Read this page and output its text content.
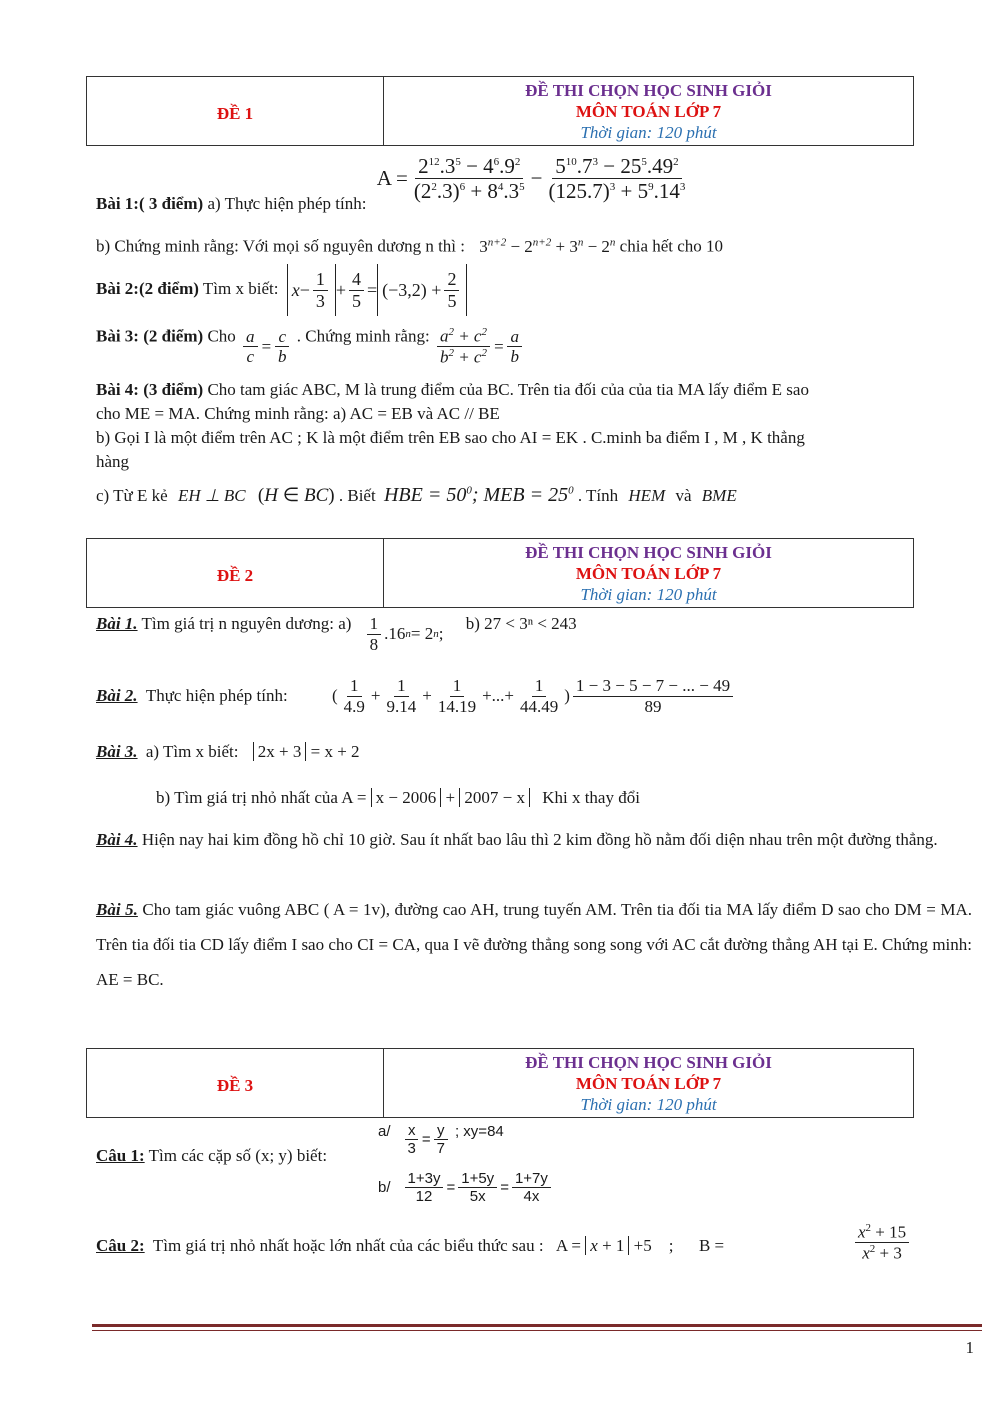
ĐỀ 1
ĐỀ THI CHỌN HỌC SINH GIỎI
MÔN TOÁN LỚP 7
Thời gian: 120 phút
Bài 1:( 3 điểm) a) Thực hiện phép tính: $A = \frac{2^{12}.3^5 - 4^6.9^2}{(2^2.3)^6 + 8^4.3^5} - \frac{5^{10}.7^3 - 25^5.49^2}{(125.7)^3 + 5^9.14^3}$
b) Chứng minh rằng: Với mọi số nguyên dương n thì : $3^{n+2} - 2^{n+2} + 3^n - 2^n$ chia hết cho 10
Bài 2:(2 điểm) Tìm x biết: $x - \frac{1}{3} + \frac{4}{5} = (-3,2) + \frac{2}{5}$
Bài 3: (2 điểm) Cho $\frac{a}{c} = \frac{c}{b}$ . Chứng minh rằng: $\frac{a^2 + c^2}{b^2 + c^2} = \frac{a}{b}$
Bài 4: (3 điểm) Cho tam giác ABC, M là trung điểm của BC. Trên tia đối của của tia MA lấy điểm E sao
cho ME = MA. Chứng minh rằng: a) AC = EB và AC // BE
b) Gọi I là một điểm trên AC ; K là một điểm trên EB sao cho AI = EK . C.minh ba điểm I , M , K thẳng
hàng
c) Từ E kẻ EH ⊥ BC (H ∈ BC) . Biết HBE = $50^0$; MEB = $25^0$ . Tính HEM và BME
ĐỀ 2
ĐỀ THI CHỌN HỌC SINH GIỎI
MÔN TOÁN LỚP 7
Thời gian: 120 phút
Bài 1. Tìm giá trị n nguyên dương: $a) \frac{1}{8} .16$ n = 2 n ; b) 27 < 3ⁿ < 243
Bài 2. Thực hiện phép tính:	( $\frac{1}{4.9} + \frac{1}{9.14} + \frac{1}{14.19}$ +...+ $\frac{1}{44.49}$ ) $\frac{1 - 3 - 5 - 7 - ... - 49}{89}$
Bài 3. a) Tìm x biết: 2x + 3 = x + 2
b) Tìm giá trị nhỏ nhất của A = x − 2006 + 2007 − x Khi x thay đổi
Bài 4. Hiện nay hai kim đồng hồ chỉ 10 giờ. Sau ít nhất bao lâu thì 2 kim đồng hồ nằm đối diện nhau trên một đường thẳng.
Bài 5. Cho tam giác vuông ABC ( A = 1v), đường cao AH, trung tuyến AM. Trên tia đối tia MA lấy điểm D sao cho DM = MA. Trên tia đối tia CD lấy điểm I sao cho CI = CA, qua I vẽ đường thẳng song song với AC cắt đường thẳng AH tại E. Chứng minh: AE = BC.
ĐỀ 3
ĐỀ THI CHỌN HỌC SINH GIỎI
MÔN TOÁN LỚP 7
Thời gian: 120 phút
Câu 1: Tìm các cặp số (x; y) biết:
$a/ \frac{x}{3} = \frac{y}{7}$ ; xy=84
$b/ \frac{1+3y}{12} = \frac{1+5y}{5x} = \frac{1+7y}{4x}$
Câu 2: Tìm giá trị nhỏ nhất hoặc lớn nhất của các biểu thức sau : A = x + 1 +5    ;      B =	$\frac{x^2 + 15}{x^2 + 3}$
1
